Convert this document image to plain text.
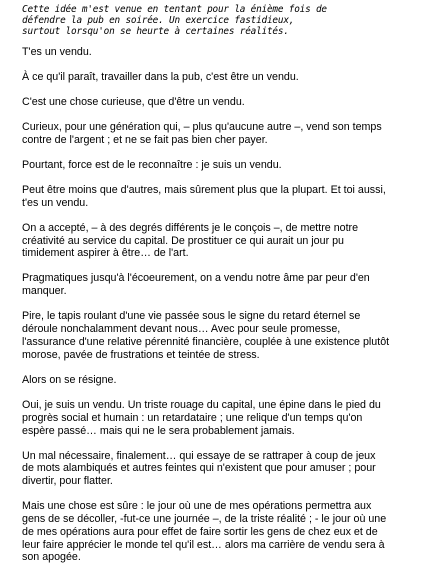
Cette idée m'est venue en tentant pour la énième fois de
défendre la pub en soirée. Un exercice fastidieux,
surtout lorsqu'on se heurte à certaines réalités.

T'es un vendu.

À ce qu'il paraît, travailler dans la pub, c'est être un vendu.

C'est une chose curieuse, que d'être un vendu.

Curieux, pour une génération qui, – plus qu'aucune autre –, vend son temps
contre de l'argent ; et ne se fait pas bien cher payer.

Pourtant, force est de le reconnaître : je suis un vendu.

Peut être moins que d'autres, mais sûrement plus que la plupart. Et toi aussi,
t'es un vendu.

On a accepté, – à des degrés différents je le conçois –, de mettre notre
créativité au service du capital. De prostituer ce qui aurait un jour pu
timidement aspirer à être… de l'art.

Pragmatiques jusqu'à l'écoeurement, on a vendu notre âme par peur d'en
manquer.

Pire, le tapis roulant d'une vie passée sous le signe du retard éternel se
déroule nonchalamment devant nous… Avec pour seule promesse,
l'assurance d'une relative pérennité financière, couplée à une existence plutôt
morose, pavée de frustrations et teintée de stress.

Alors on se résigne.

Oui, je suis un vendu. Un triste rouage du capital, une épine dans le pied du
progrès social et humain : un retardataire ; une relique d'un temps qu'on
espère passé… mais qui ne le sera probablement jamais.

Un mal nécessaire, finalement… qui essaye de se rattraper à coup de jeux
de mots alambiqués et autres feintes qui n'existent que pour amuser ; pour
divertir, pour flatter.

Mais une chose est sûre : le jour où une de mes opérations permettra aux
gens de se décoller, -fut-ce une journée –, de la triste réalité ; - le jour où une
de mes opérations aura pour effet de faire sortir les gens de chez eux et de
leur faire apprécier le monde tel qu'il est… alors ma carrière de vendu sera à
son apogée.
